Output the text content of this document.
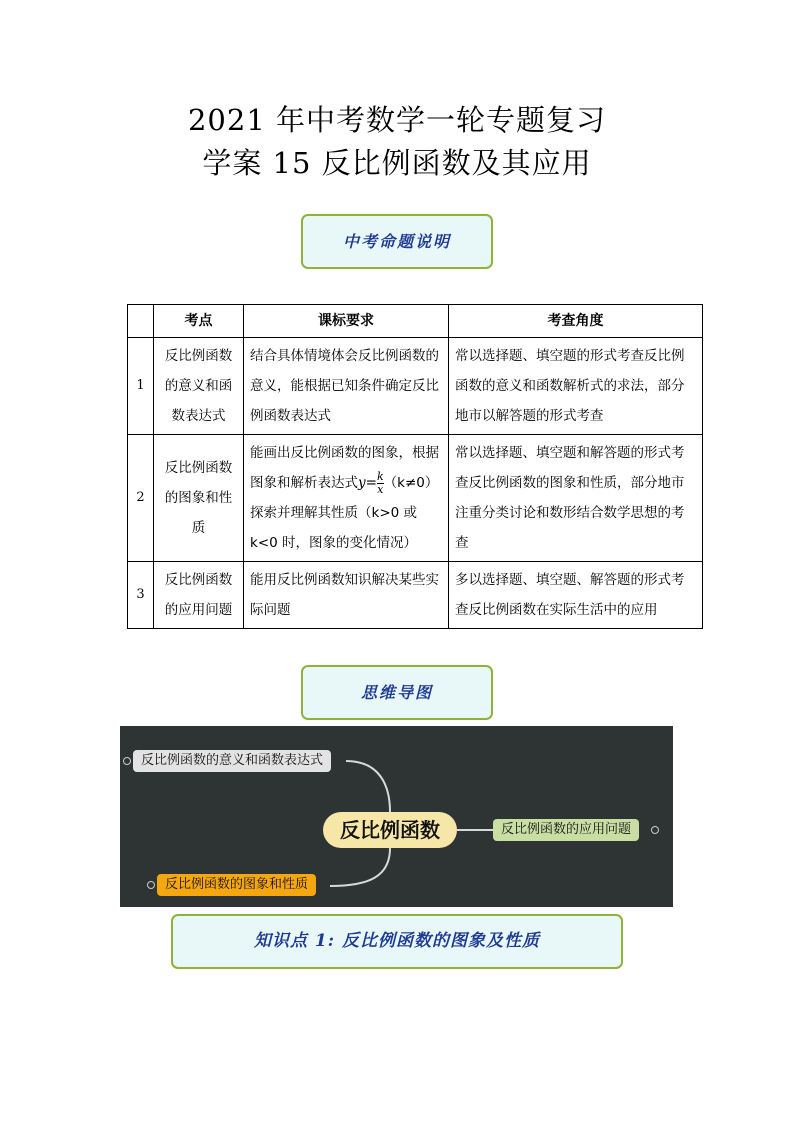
2021 年中考数学一轮专题复习
学案 15 反比例函数及其应用
中考命题说明
	考点	课标要求	考查角度
1	反比例函数的意义和函数表达式	结合具体情境体会反比例函数的意义，能根据已知条件确定反比例函数表达式	常以选择题、填空题的形式考查反比例函数的意义和函数解析式的求法，部分地市以解答题的形式考查
2	反比例函数的图象和性质	能画出反比例函数的图象，根据图象和解析表达式$y= \frac{k}{x} (k\ne 0)$探索并理解其性质（k>0 或 k<0 时，图象的变化情况）	常以选择题、填空题和解答题的形式考查反比例函数的图象和性质，部分地市注重分类讨论和数形结合数学思想的考查
3	反比例函数的应用问题	能用反比例函数知识解决某些实际问题	多以选择题、填空题、解答题的形式考查反比例函数在实际生活中的应用
思维导图
反比例函数
反比例函数的意义和函数表达式
反比例函数的应用问题
反比例函数的图象和性质
知识点 1: 反比例函数的图象及性质
